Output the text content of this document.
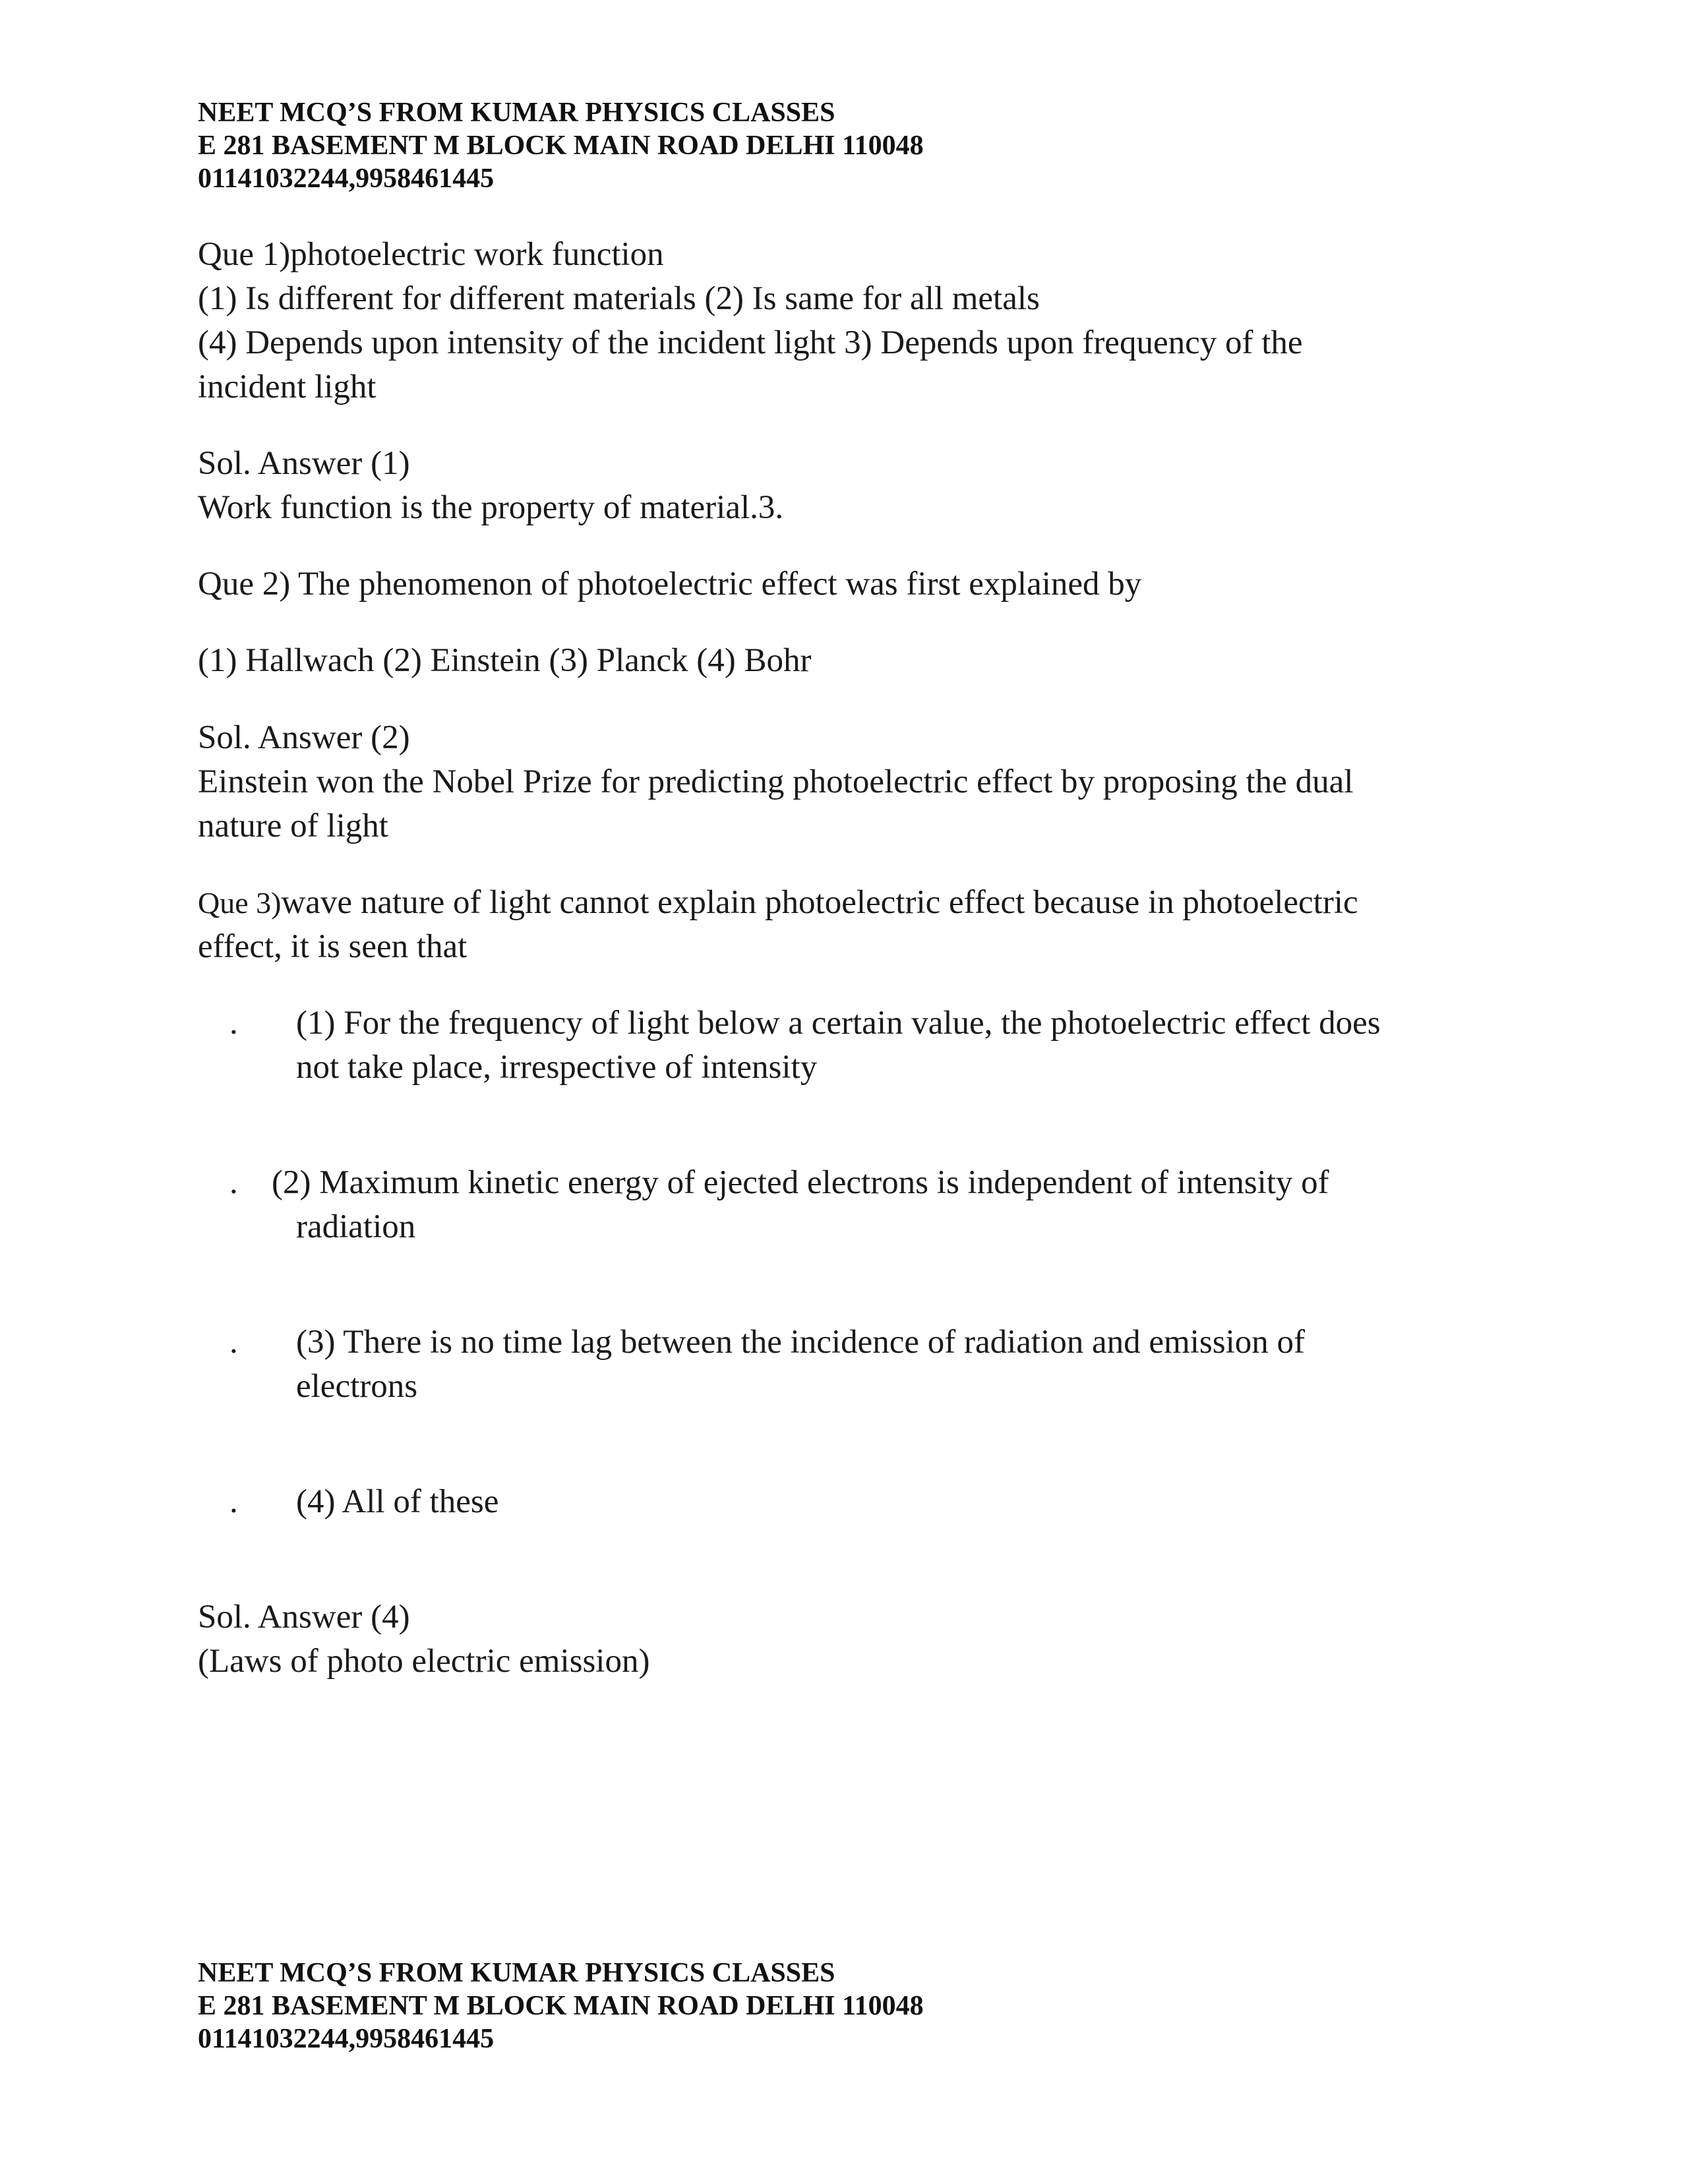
NEET MCQ’S FROM KUMAR PHYSICS CLASSES
E 281 BASEMENT M BLOCK MAIN ROAD DELHI 110048
01141032244,9958461445
Que 1)photoelectric work function
(1) Is different for different materials (2) Is same for all metals
(4) Depends upon intensity of the incident light 3) Depends upon frequency of the
incident light
Sol. Answer (1)
Work function is the property of material.3.
Que 2) The phenomenon of photoelectric effect was first explained by
(1) Hallwach (2) Einstein (3) Planck (4) Bohr
Sol. Answer (2)
Einstein won the Nobel Prize for predicting photoelectric effect by proposing the dual
nature of light
Que 3)wave nature of light cannot explain photoelectric effect because in photoelectric
effect, it is seen that
. (1) For the frequency of light below a certain value, the photoelectric effect does
not take place, irrespective of intensity
. (2) Maximum kinetic energy of ejected electrons is independent of intensity of
radiation
. (3) There is no time lag between the incidence of radiation and emission of
electrons
. (4) All of these
Sol. Answer (4)
(Laws of photo electric emission)
NEET MCQ’S FROM KUMAR PHYSICS CLASSES
E 281 BASEMENT M BLOCK MAIN ROAD DELHI 110048
01141032244,9958461445
